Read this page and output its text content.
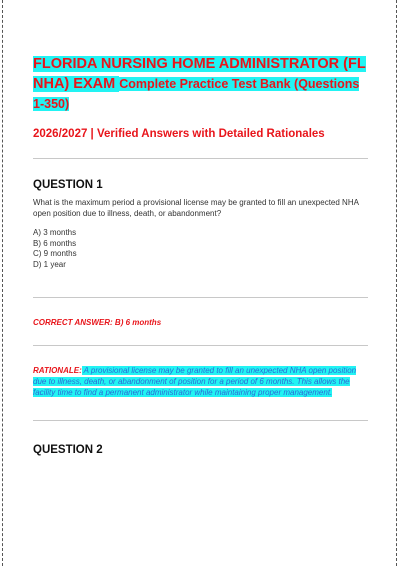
FLORIDA NURSING HOME ADMINISTRATOR (FL NHA) EXAM Complete Practice Test Bank (Questions 1-350)

2026/2027 | Verified Answers with Detailed Rationales

QUESTION 1

What is the maximum period a provisional license may be granted to fill an unexpected NHA open position due to illness, death, or abandonment?

A) 3 months
B) 6 months
C) 9 months
D) 1 year

CORRECT ANSWER: B) 6 months

RATIONALE: A provisional license may be granted to fill an unexpected NHA open position due to illness, death, or abandonment of position for a period of 6 months. This allows the facility time to find a permanent administrator while maintaining proper management.

QUESTION 2
